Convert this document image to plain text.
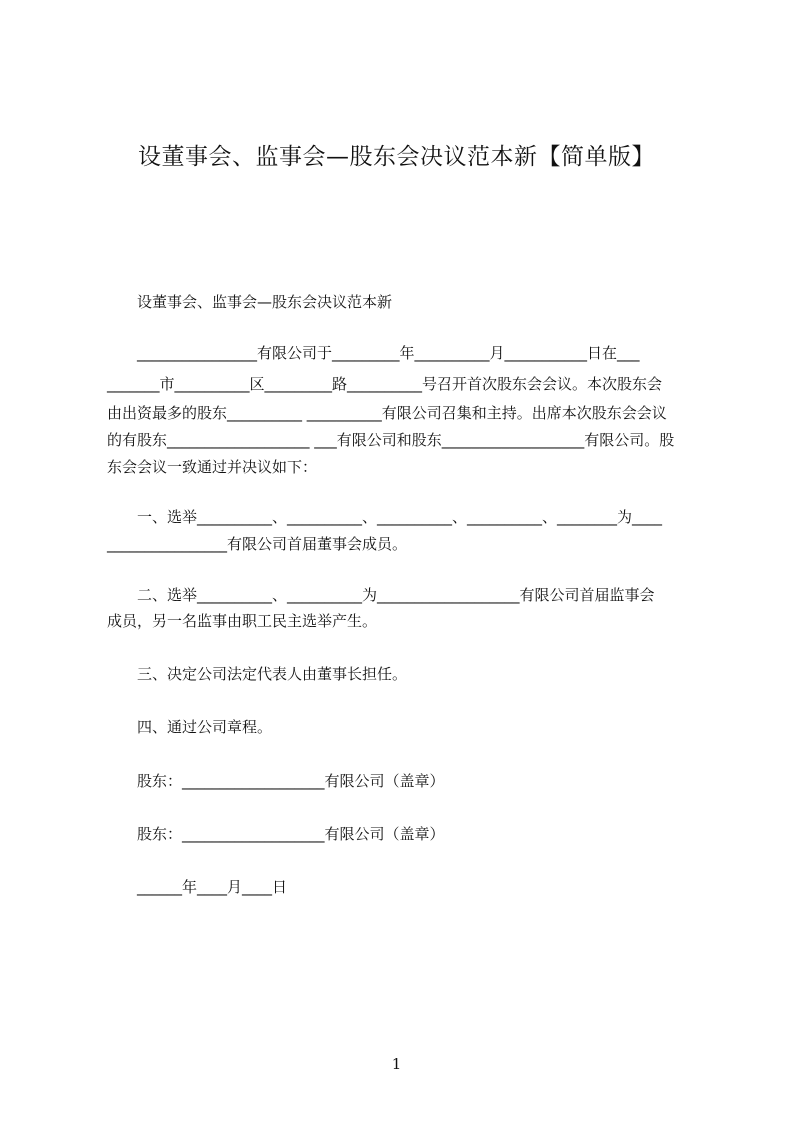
设董事会、监事会—股东会决议范本新【简单版】
设董事会、监事会—股东会决议范本新
________________有限公司于_________年__________月___________日在___
_______市__________区_________路__________号召开首次股东会会议。本次股东会
由出资最多的股东__________ __________有限公司召集和主持。出席本次股东会会议
的有股东___________________ ___有限公司和股东___________________有限公司。股
东会会议一致通过并决议如下：
一、选举__________、__________、__________、__________、________为____
________________有限公司首届董事会成员。
二、选举__________、__________为___________________有限公司首届监事会
成员，另一名监事由职工民主选举产生。
三、决定公司法定代表人由董事长担任。
四、通过公司章程。
股东：___________________有限公司（盖章）
股东：___________________有限公司（盖章）
______年____月____日
1
